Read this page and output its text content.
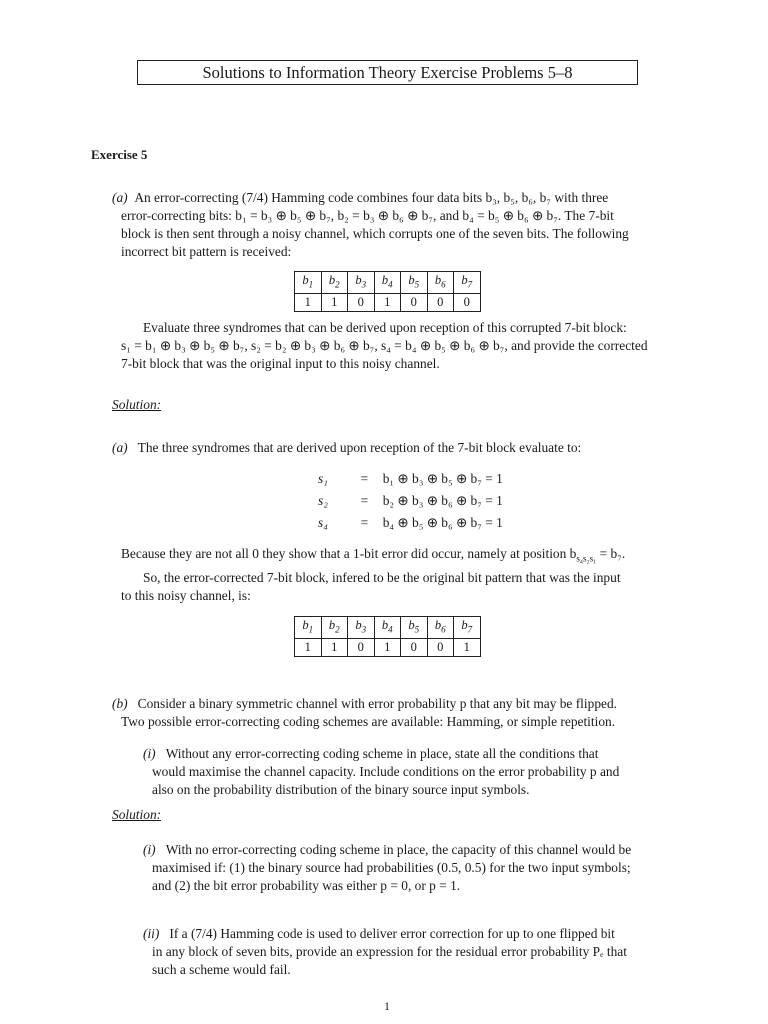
Solutions to Information Theory Exercise Problems 5–8
Exercise 5
(a) An error-correcting (7/4) Hamming code combines four data bits b₃, b₅, b₆, b₇ with three
error-correcting bits: b₁ = b₃ ⊕ b₅ ⊕ b₇, b₂ = b₃ ⊕ b₆ ⊕ b₇, and b₄ = b₅ ⊕ b₆ ⊕ b₇. The 7-bit
block is then sent through a noisy channel, which corrupts one of the seven bits. The following
incorrect bit pattern is received:
$b_1$	$b_2$	$b_3$	$b_4$	$b_5$	$b_6$	$b_7$
1	1	0	1	0	0	0
Evaluate three syndromes that can be derived upon reception of this corrupted 7-bit block:
s₁ = b₁ ⊕ b₃ ⊕ b₅ ⊕ b₇, s₂ = b₂ ⊕ b₃ ⊕ b₆ ⊕ b₇, s₄ = b₄ ⊕ b₅ ⊕ b₆ ⊕ b₇, and provide the corrected
7-bit block that was the original input to this noisy channel.
Solution:
(a) The three syndromes that are derived upon reception of the 7-bit block evaluate to:
s₁ = b₁ ⊕ b₃ ⊕ b₅ ⊕ b₇ = 1
s₂ = b₂ ⊕ b₃ ⊕ b₆ ⊕ b₇ = 1
s₄ = b₄ ⊕ b₅ ⊕ b₆ ⊕ b₇ = 1
Because they are not all 0 they show that a 1-bit error did occur, namely at position $b_{s_4s_2s_1} = b_7$.
So, the error-corrected 7-bit block, infered to be the original bit pattern that was the input
to this noisy channel, is:
$b_1$	$b_2$	$b_3$	$b_4$	$b_5$	$b_6$	$b_7$
1	1	0	1	0	0	1
(b) Consider a binary symmetric channel with error probability p that any bit may be flipped.
Two possible error-correcting coding schemes are available: Hamming, or simple repetition.
(i) Without any error-correcting coding scheme in place, state all the conditions that
would maximise the channel capacity. Include conditions on the error probability p and
also on the probability distribution of the binary source input symbols.
Solution:
(i) With no error-correcting coding scheme in place, the capacity of this channel would be
maximised if: (1) the binary source had probabilities (0.5, 0.5) for the two input symbols;
and (2) the bit error probability was either p = 0, or p = 1.
(ii) If a (7/4) Hamming code is used to deliver error correction for up to one flipped bit
in any block of seven bits, provide an expression for the residual error probability Pₑ that
such a scheme would fail.
1
